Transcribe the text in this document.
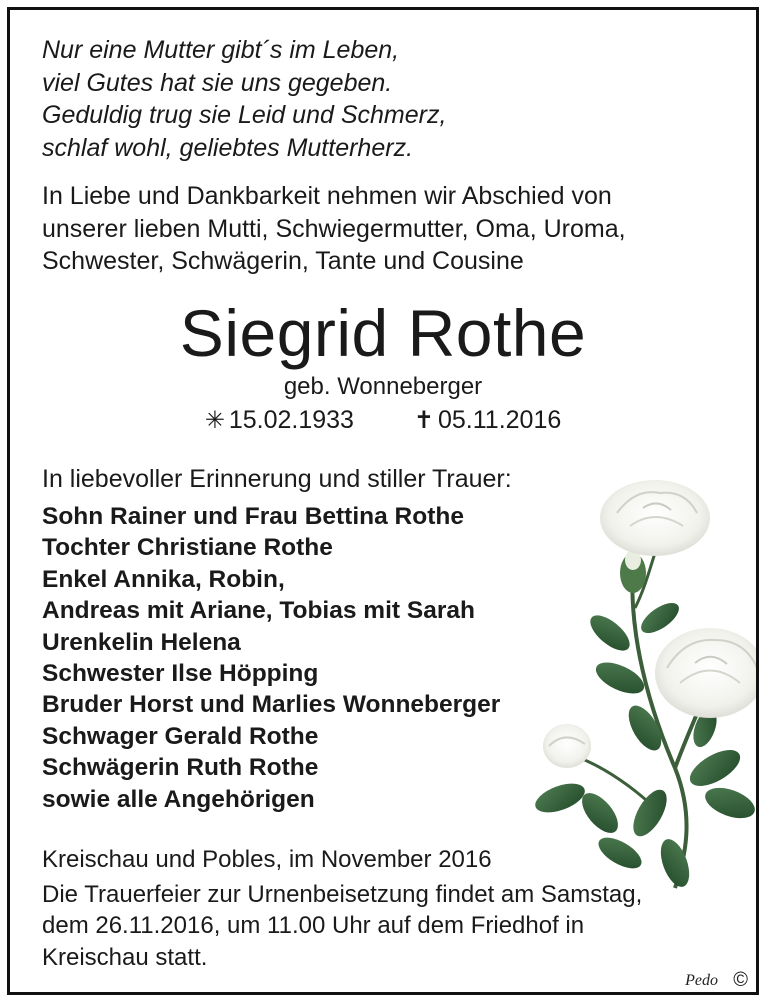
Nur eine Mutter gibt´s im Leben,
viel Gutes hat sie uns gegeben.
Geduldig trug sie Leid und Schmerz,
schlaf wohl, geliebtes Mutterherz.
In Liebe und Dankbarkeit nehmen wir Abschied von
unserer lieben Mutti, Schwiegermutter, Oma, Uroma,
Schwester, Schwägerin, Tante und Cousine
Siegrid Rothe
geb. Wonneberger
✳ 15.02.1933 ✝ 05.11.2016
In liebevoller Erinnerung und stiller Trauer:
Sohn Rainer und Frau Bettina Rothe
Tochter Christiane Rothe
Enkel Annika, Robin,
Andreas mit Ariane, Tobias mit Sarah
Urenkelin Helena
Schwester Ilse Höpping
Bruder Horst und Marlies Wonneberger
Schwager Gerald Rothe
Schwägerin Ruth Rothe
sowie alle Angehörigen
Kreischau und Pobles, im November 2016
Die Trauerfeier zur Urnenbeisetzung findet am Samstag,
dem 26.11.2016, um 11.00 Uhr auf dem Friedhof in
Kreischau statt.
Pedo ©
